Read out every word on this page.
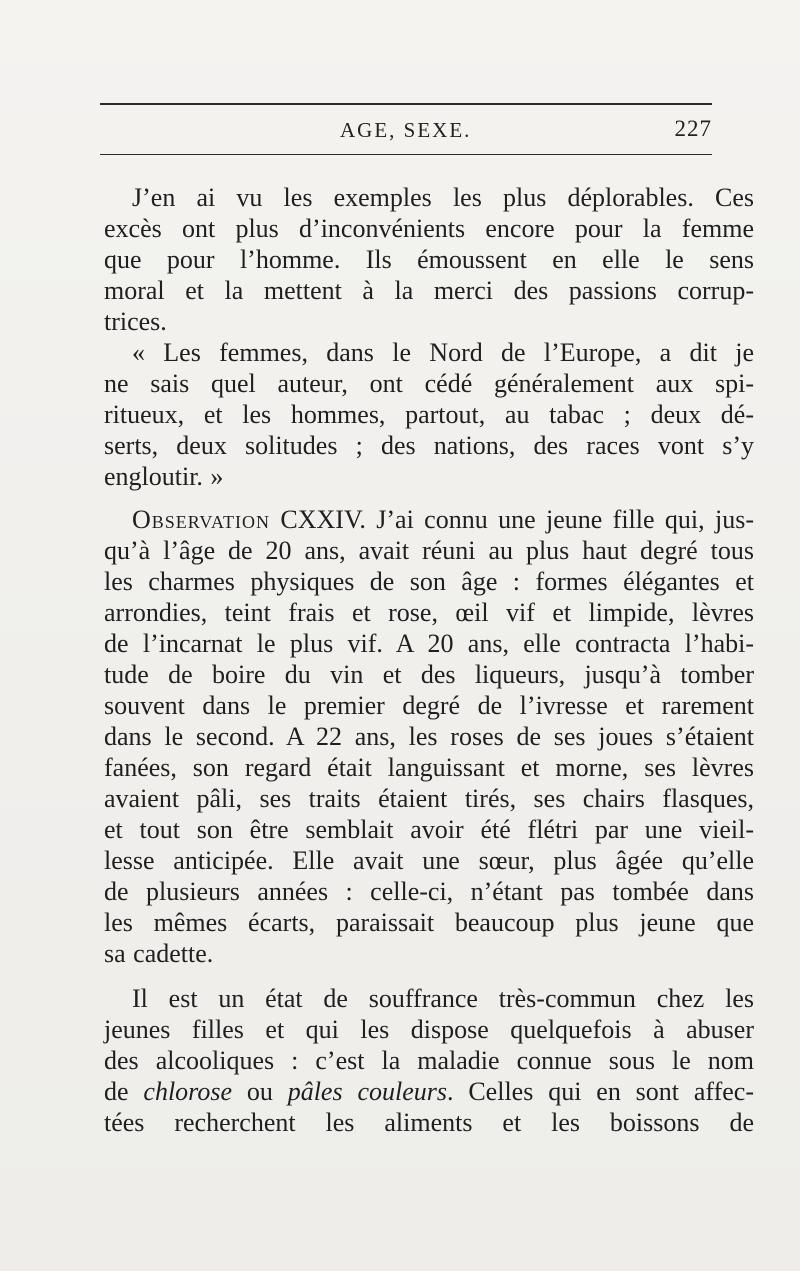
AGE, SEXE.	227
J’en ai vu les exemples les plus déplorables. Ces
excès ont plus d’inconvénients encore pour la femme
que pour l’homme. Ils émoussent en elle le sens
moral et la mettent à la merci des passions corrup-
trices.
« Les femmes, dans le Nord de l’Europe, a dit je
ne sais quel auteur, ont cédé généralement aux spi-
ritueux, et les hommes, partout, au tabac ; deux dé-
serts, deux solitudes ; des nations, des races vont s’y
engloutir. »
Observation CXXIV. J’ai connu une jeune fille qui, jus-
qu’à l’âge de 20 ans, avait réuni au plus haut degré tous
les charmes physiques de son âge : formes élégantes et
arrondies, teint frais et rose, œil vif et limpide, lèvres
de l’incarnat le plus vif. A 20 ans, elle contracta l’habi-
tude de boire du vin et des liqueurs, jusqu’à tomber
souvent dans le premier degré de l’ivresse et rarement
dans le second. A 22 ans, les roses de ses joues s’étaient
fanées, son regard était languissant et morne, ses lèvres
avaient pâli, ses traits étaient tirés, ses chairs flasques,
et tout son être semblait avoir été flétri par une vieil-
lesse anticipée. Elle avait une sœur, plus âgée qu’elle
de plusieurs années : celle-ci, n’étant pas tombée dans
les mêmes écarts, paraissait beaucoup plus jeune que
sa cadette.
Il est un état de souffrance très-commun chez les
jeunes filles et qui les dispose quelquefois à abuser
des alcooliques : c’est la maladie connue sous le nom
de chlorose ou pâles couleurs. Celles qui en sont affec-
tées recherchent les aliments et les boissons de
